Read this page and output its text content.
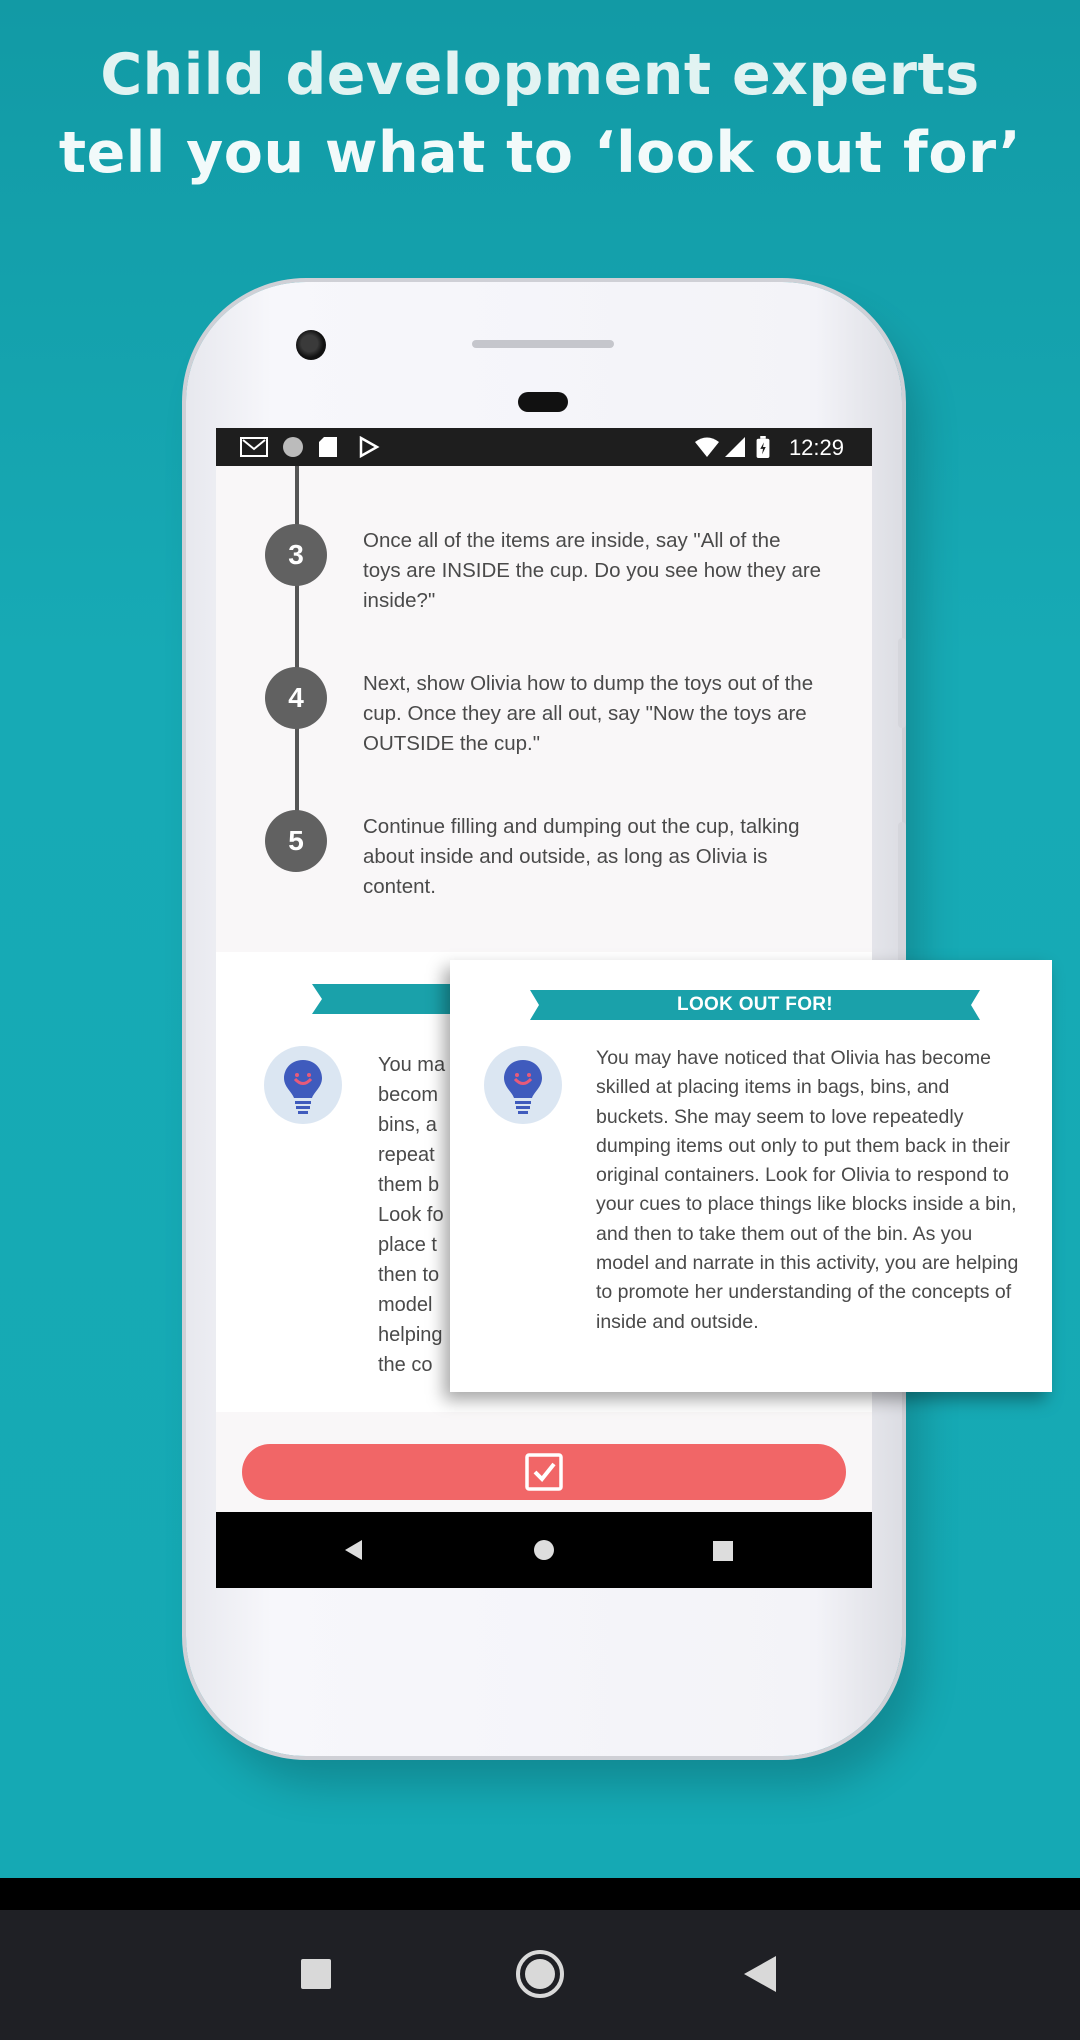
Child development experts
tell you what to ‘look out for’
12:29
3	Once all of the items are inside, say "All of the toys are INSIDE the cup. Do you see how they are inside?"
4	Next, show Olivia how to dump the toys out of the cup. Once they are all out, say "Now the toys are OUTSIDE the cup."
5	Continue filling and dumping out the cup, talking about inside and outside, as long as Olivia is content.
You ma
becom
bins, a
repeat
them b
Look fo
place t
then to
model
helping
the co
LOOK OUT FOR!
You may have noticed that Olivia has become skilled at placing items in bags, bins, and buckets. She may seem to love repeatedly dumping items out only to put them back in their original containers. Look for Olivia to respond to your cues to place things like blocks inside a bin, and then to take them out of the bin. As you model and narrate in this activity, you are helping to promote her understanding of the concepts of inside and outside.
